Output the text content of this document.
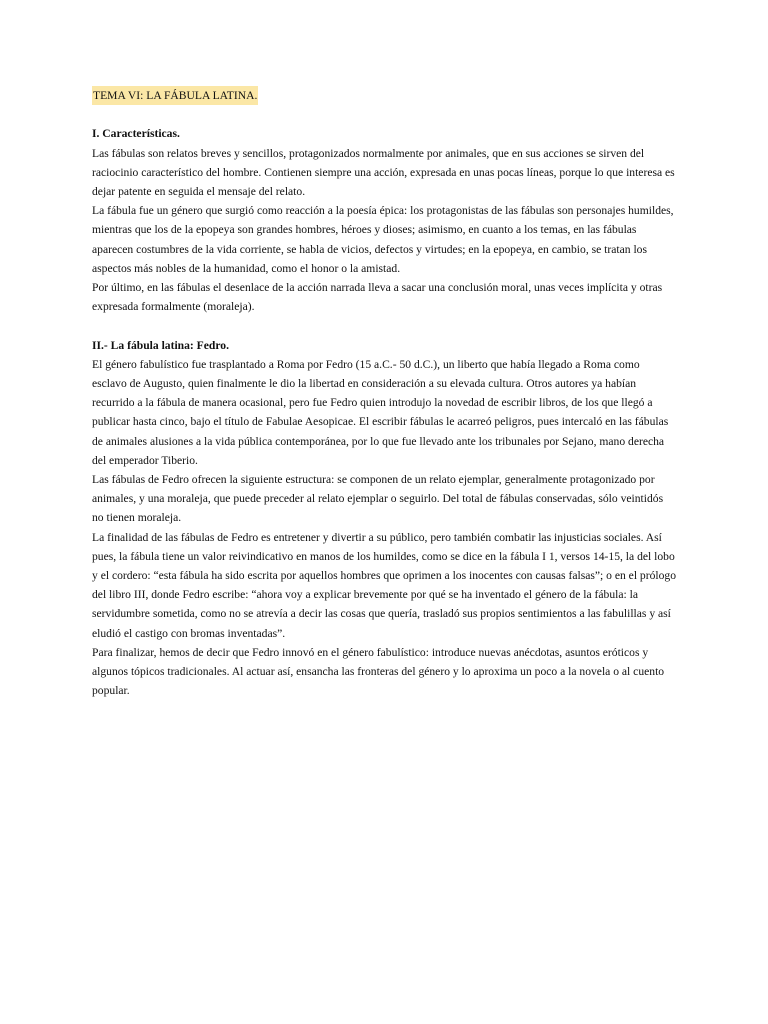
TEMA VI: LA FÁBULA LATINA.
I. Características.

Las fábulas son relatos breves y sencillos, protagonizados normalmente por animales, que en sus acciones se sirven del raciocinio característico del hombre. Contienen siempre una acción, expresada en unas pocas líneas, porque lo que interesa es dejar patente en seguida el mensaje del relato.

La fábula fue un género que surgió como reacción a la poesía épica: los protagonistas de las fábulas son personajes humildes, mientras que los de la epopeya son grandes hombres, héroes y dioses; asimismo, en cuanto a los temas, en las fábulas aparecen costumbres de la vida corriente, se habla de vicios, defectos y virtudes; en la epopeya, en cambio, se tratan los aspectos más nobles de la humanidad, como el honor o la amistad.

Por último, en las fábulas el desenlace de la acción narrada lleva a sacar una conclusión moral, unas veces implícita y otras expresada formalmente (moraleja).

II.- La fábula latina: Fedro.

El género fabulístico fue trasplantado a Roma por Fedro (15 a.C.- 50 d.C.), un liberto que había llegado a Roma como esclavo de Augusto, quien finalmente le dio la libertad en consideración a su elevada cultura. Otros autores ya habían recurrido a la fábula de manera ocasional, pero fue Fedro quien introdujo la novedad de escribir libros, de los que llegó a publicar hasta cinco, bajo el título de Fabulae Aesopicae. El escribir fábulas le acarreó peligros, pues intercaló en las fábulas de animales alusiones a la vida pública contemporánea, por lo que fue llevado ante los tribunales por Sejano, mano derecha del emperador Tiberio.

Las fábulas de Fedro ofrecen la siguiente estructura: se componen de un relato ejemplar, generalmente protagonizado por animales, y una moraleja, que puede preceder al relato ejemplar o seguirlo. Del total de fábulas conservadas, sólo veintidós no tienen moraleja.

La finalidad de las fábulas de Fedro es entretener y divertir a su público, pero también combatir las injusticias sociales. Así pues, la fábula tiene un valor reivindicativo en manos de los humildes, como se dice en la fábula I 1, versos 14-15, la del lobo y el cordero: “esta fábula ha sido escrita por aquellos hombres que oprimen a los inocentes con causas falsas”; o en el prólogo del libro III, donde Fedro escribe: “ahora voy a explicar brevemente por qué se ha inventado el género de la fábula: la servidumbre sometida, como no se atrevía a decir las cosas que quería, trasladó sus propios sentimientos a las fabulillas y así eludió el castigo con bromas inventadas”.

Para finalizar, hemos de decir que Fedro innovó en el género fabulístico: introduce nuevas anécdotas, asuntos eróticos y algunos tópicos tradicionales. Al actuar así, ensancha las fronteras del género y lo aproxima un poco a la novela o al cuento popular.
